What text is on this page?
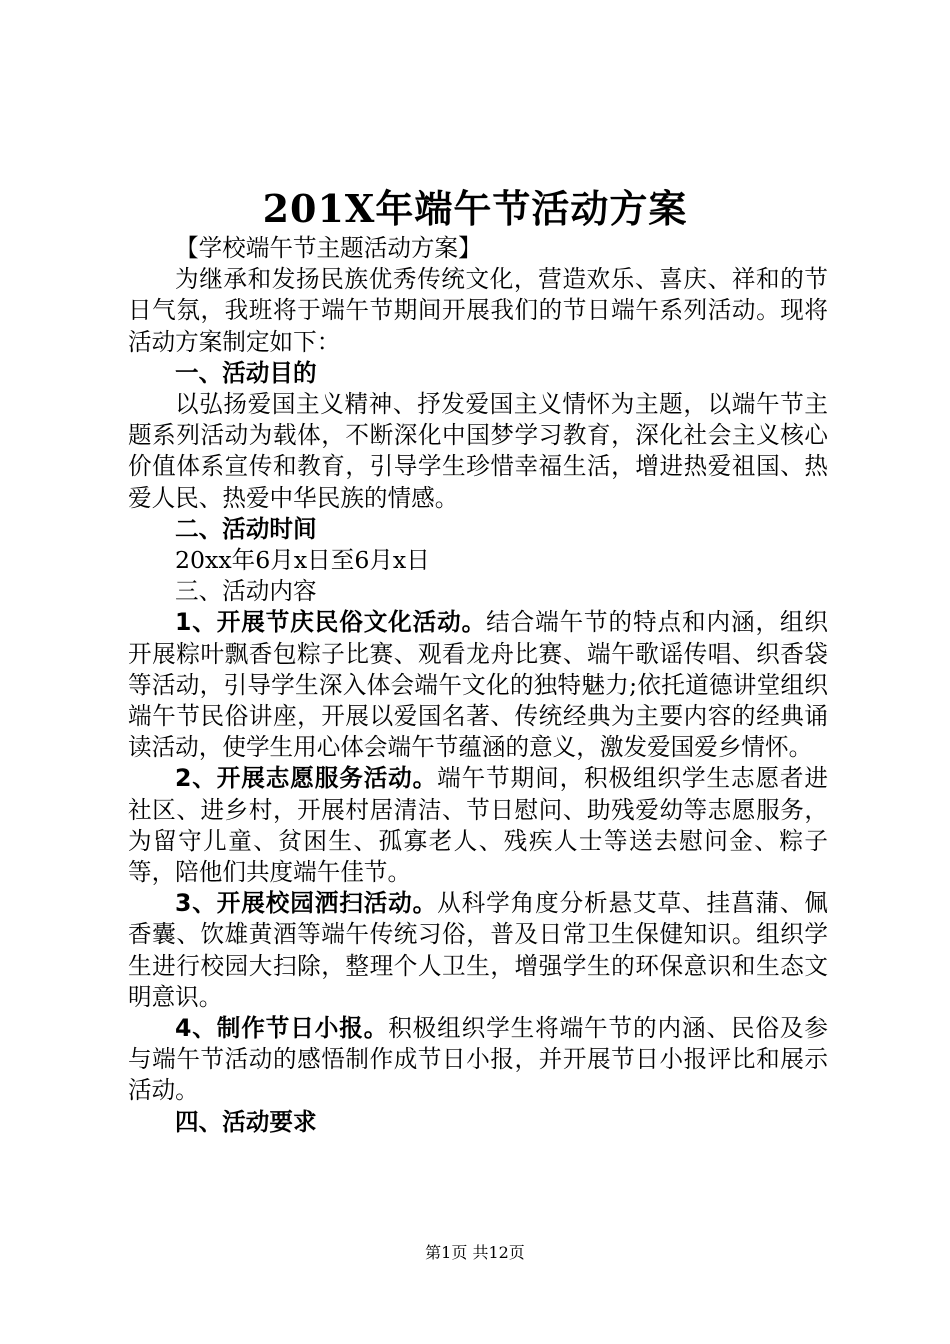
201X年端午节活动方案

【学校端午节主题活动方案】

为继承和发扬民族优秀传统文化，营造欢乐、喜庆、祥和的节日气氛，我班将于端午节期间开展我们的节日端午系列活动。现将活动方案制定如下：

一、活动目的

以弘扬爱国主义精神、抒发爱国主义情怀为主题，以端午节主题系列活动为载体，不断深化中国梦学习教育，深化社会主义核心价值体系宣传和教育，引导学生珍惜幸福生活，增进热爱祖国、热爱人民、热爱中华民族的情感。

二、活动时间

20xx年6月x日至6月x日

三、活动内容

1、开展节庆民俗文化活动。结合端午节的特点和内涵，组织开展粽叶飘香包粽子比赛、观看龙舟比赛、端午歌谣传唱、织香袋等活动，引导学生深入体会端午文化的独特魅力;依托道德讲堂组织端午节民俗讲座，开展以爱国名著、传统经典为主要内容的经典诵读活动，使学生用心体会端午节蕴涵的意义，激发爱国爱乡情怀。

2、开展志愿服务活动。端午节期间，积极组织学生志愿者进社区、进乡村，开展村居清洁、节日慰问、助残爱幼等志愿服务，为留守儿童、贫困生、孤寡老人、残疾人士等送去慰问金、粽子等，陪他们共度端午佳节。

3、开展校园洒扫活动。从科学角度分析悬艾草、挂菖蒲、佩香囊、饮雄黄酒等端午传统习俗，普及日常卫生保健知识。组织学生进行校园大扫除，整理个人卫生，增强学生的环保意识和生态文明意识。

4、制作节日小报。积极组织学生将端午节的内涵、民俗及参与端午节活动的感悟制作成节日小报，并开展节日小报评比和展示活动。

四、活动要求

第1页 共12页
